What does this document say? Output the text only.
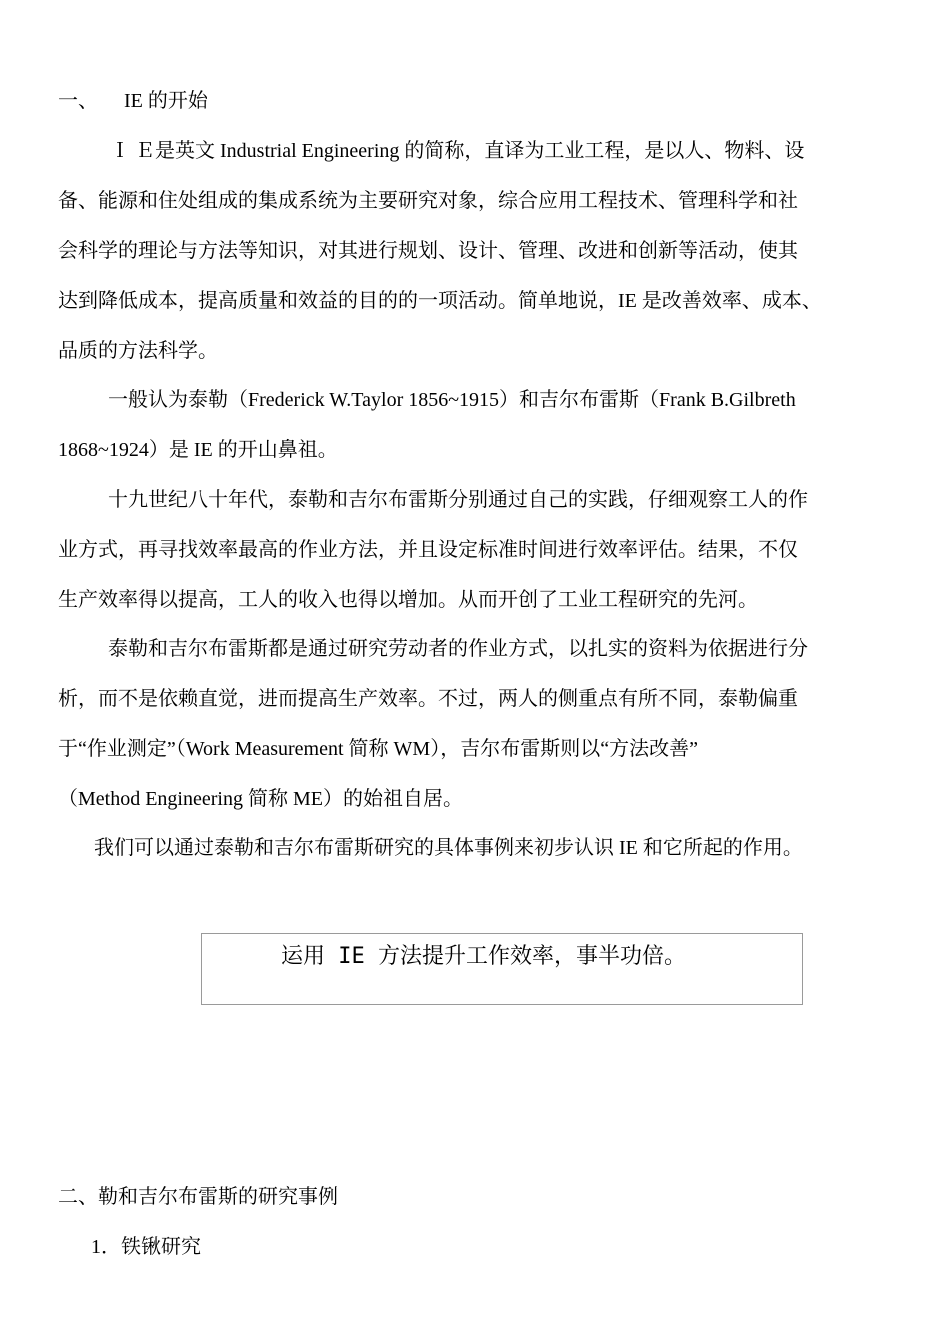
一、 IE 的开始
Ｉ Ｅ是英文 Industrial Engineering 的简称，直译为工业工程，是以人、物料、设
备、能源和住处组成的集成系统为主要研究对象，综合应用工程技术、管理科学和社
会科学的理论与方法等知识，对其进行规划、设计、管理、改进和创新等活动，使其
达到降低成本，提高质量和效益的目的的一项活动。简单地说，IE 是改善效率、成本、
品质的方法科学。
一般认为泰勒（Frederick W.Taylor 1856~1915）和吉尔布雷斯（Frank B.Gilbreth
1868~1924）是 IE 的开山鼻祖。
十九世纪八十年代，泰勒和吉尔布雷斯分别通过自己的实践，仔细观察工人的作
业方式，再寻找效率最高的作业方法，并且设定标准时间进行效率评估。结果，不仅
生产效率得以提高，工人的收入也得以增加。从而开创了工业工程研究的先河。
泰勒和吉尔布雷斯都是通过研究劳动者的作业方式，以扎实的资料为依据进行分
析，而不是依赖直觉，进而提高生产效率。不过，两人的侧重点有所不同，泰勒偏重
于“作业测定”（Work Measurement 简称 WM），吉尔布雷斯则以“方法改善”
（Method Engineering 简称 ME）的始祖自居。
我们可以通过泰勒和吉尔布雷斯研究的具体事例来初步认识 IE 和它所起的作用。
运用 IE 方法提升工作效率，事半功倍。
二、勒和吉尔布雷斯的研究事例
1．铁锹研究
